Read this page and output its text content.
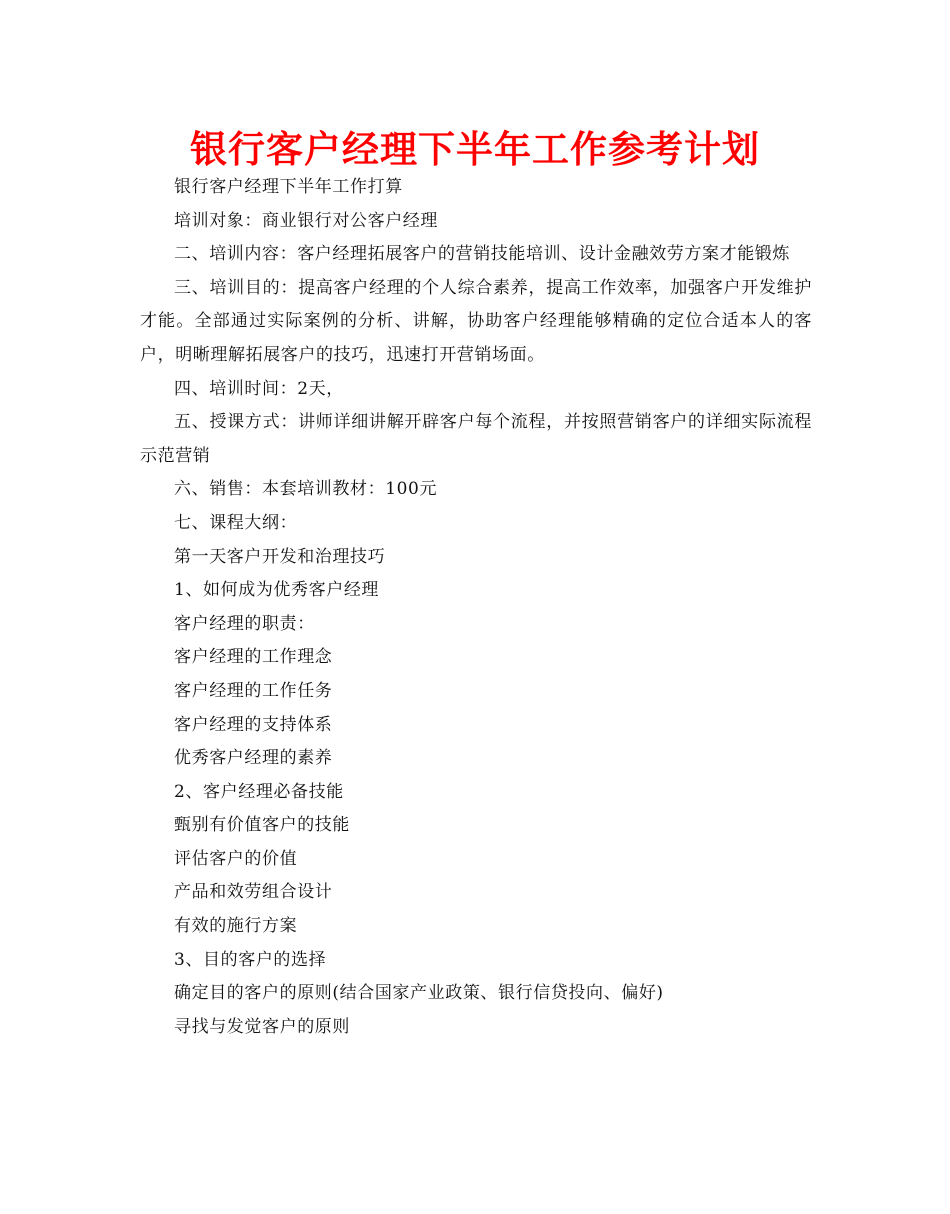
银行客户经理下半年工作参考计划

银行客户经理下半年工作打算

培训对象：商业银行对公客户经理

二、培训内容：客户经理拓展客户的营销技能培训、设计金融效劳方案才能锻炼

三、培训目的：提高客户经理的个人综合素养，提高工作效率，加强客户开发维护才能。全部通过实际案例的分析、讲解，协助客户经理能够精确的定位合适本人的客户，明晰理解拓展客户的技巧，迅速打开营销场面。

四、培训时间：2天，

五、授课方式：讲师详细讲解开辟客户每个流程，并按照营销客户的详细实际流程示范营销

六、销售：本套培训教材：100元

七、课程大纲：

第一天客户开发和治理技巧

1、如何成为优秀客户经理

客户经理的职责：

客户经理的工作理念

客户经理的工作任务

客户经理的支持体系

优秀客户经理的素养

2、客户经理必备技能

甄别有价值客户的技能

评估客户的价值

产品和效劳组合设计

有效的施行方案

3、目的客户的选择

确定目的客户的原则(结合国家产业政策、银行信贷投向、偏好)

寻找与发觉客户的原则
